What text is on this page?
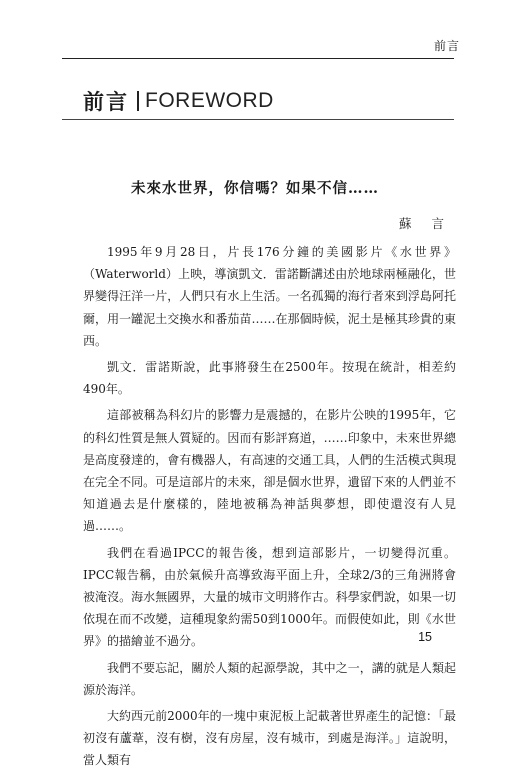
前言
前言 FOREWORD
未來水世界，你信嗎？如果不信……
蘇 言

1995年9月28日，片長176分鐘的美國影片《水世界》（Waterworld）上映，導演凱文．雷諾斷講述由於地球兩極融化，世界變得汪洋一片，人們只有水上生活。一名孤獨的海行者來到浮島阿托爾，用一罐泥土交換水和番茄苗……在那個時候，泥土是極其珍貴的東西。

凱文．雷諾斯說，此事將發生在2500年。按現在統計，相差約490年。

這部被稱為科幻片的影響力是震撼的，在影片公映的1995年，它的科幻性質是無人質疑的。因而有影評寫道，……印象中，未來世界總是高度發達的，會有機器人，有高速的交通工具，人們的生活模式與現在完全不同。可是這部片的未來，卻是個水世界，遺留下來的人們並不知道過去是什麼樣的，陸地被稱為神話與夢想，即使還沒有人見過……。

我們在看過IPCC的報告後，想到這部影片，一切變得沉重。IPCC報告稱，由於氣候升高導致海平面上升，全球2/3的三角洲將會被淹沒。海水無國界，大量的城市文明將作古。科學家們說，如果一切依現在而不改變，這種現象約需50到1000年。而假使如此，則《水世界》的描繪並不過分。

我們不要忘記，關於人類的起源學說，其中之一，講的就是人類起源於海洋。

大約西元前2000年的一塊中東泥板上記載著世界產生的記憶：「最初沒有蘆葦，沒有樹，沒有房屋，沒有城市，到處是海洋。」這說明，當人類有

15
